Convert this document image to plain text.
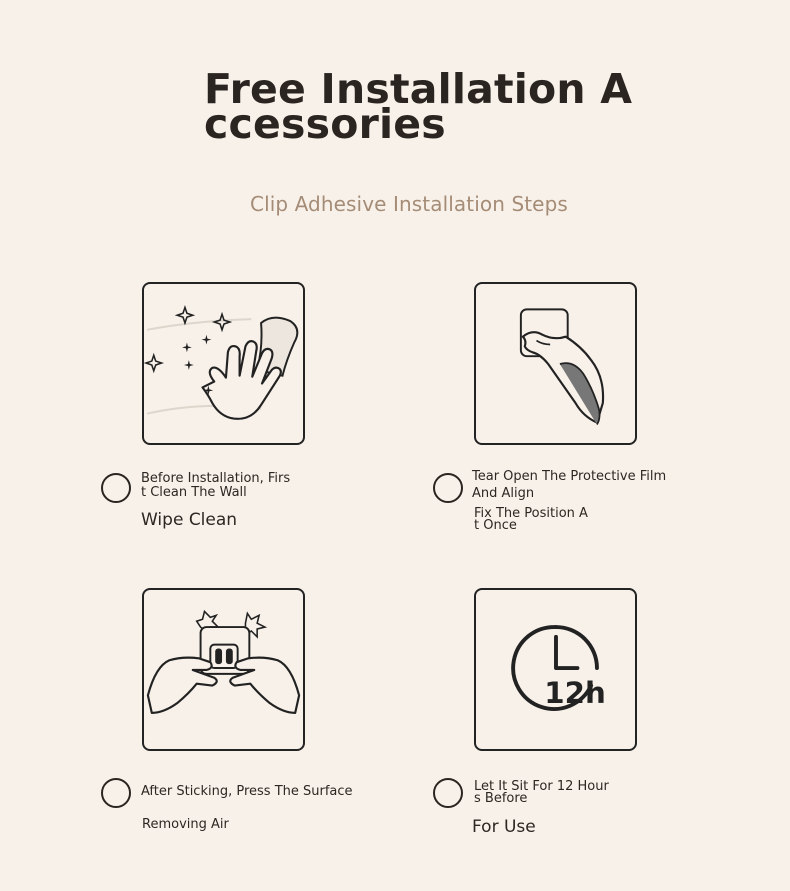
Free Installation A
ccessories
Clip Adhesive Installation Steps
Before Installation, Firs
t Clean The Wall
Wipe Clean
Tear Open The Protective Film
And Align
Fix The Position A
t Once
After Sticking, Press The Surface
Removing Air
12h
Let It Sit For 12 Hour
s Before
For Use
